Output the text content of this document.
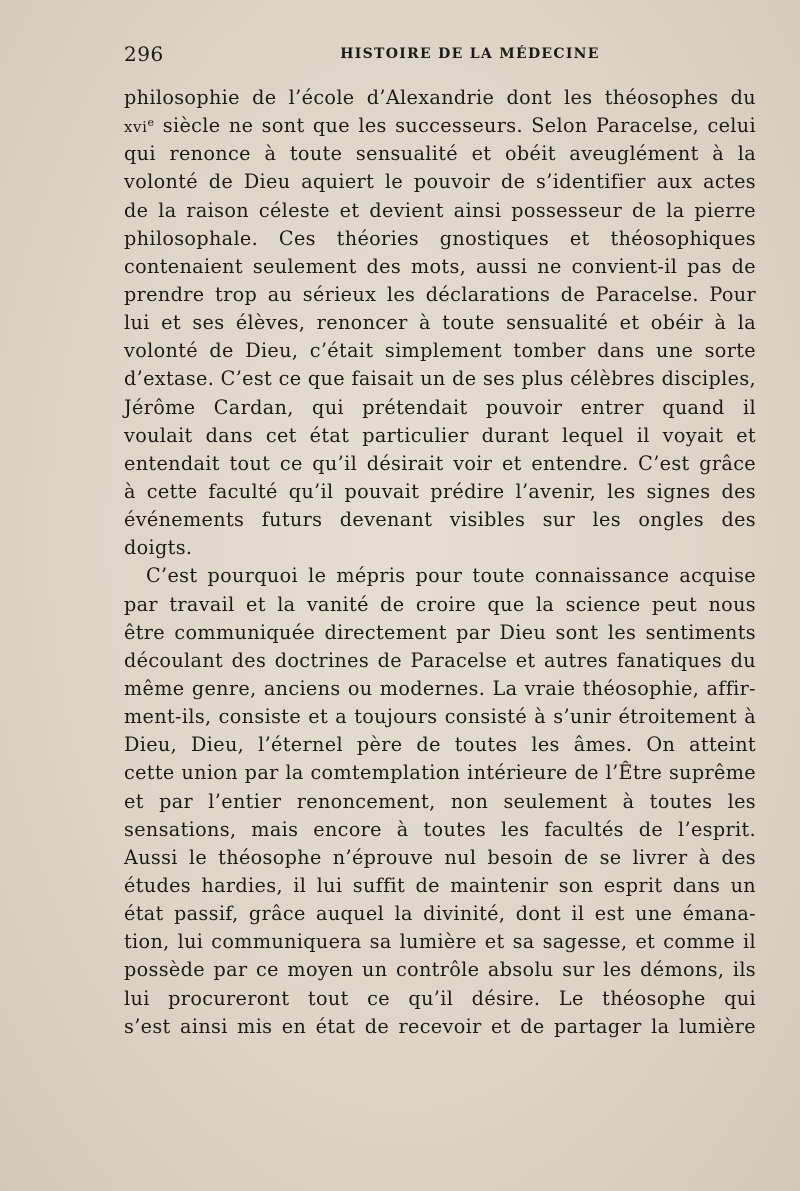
296	HISTOIRE DE LA MÉDECINE
philosophie de l’école d’Alexandrie dont les théosophes du
xvi$^e$ siècle ne sont que les successeurs. Selon Paracelse, celui
qui renonce à toute sensualité et obéit aveuglément à la
volonté de Dieu aquiert le pouvoir de s’identifier aux actes
de la raison céleste et devient ainsi possesseur de la pierre
philosophale. Ces théories gnostiques et théosophiques
contenaient seulement des mots, aussi ne convient-il pas de
prendre trop au sérieux les déclarations de Paracelse. Pour
lui et ses élèves, renoncer à toute sensualité et obéir à la
volonté de Dieu, c’était simplement tomber dans une sorte
d’extase. C’est ce que faisait un de ses plus célèbres disciples,
Jérôme Cardan, qui prétendait pouvoir entrer quand il
voulait dans cet état particulier durant lequel il voyait et
entendait tout ce qu’il désirait voir et entendre. C’est grâce
à cette faculté qu’il pouvait prédire l’avenir, les signes des
événements futurs devenant visibles sur les ongles des
doigts.
C’est pourquoi le mépris pour toute connaissance acquise
par travail et la vanité de croire que la science peut nous
être communiquée directement par Dieu sont les sentiments
découlant des doctrines de Paracelse et autres fanatiques du
même genre, anciens ou modernes. La vraie théosophie, affir-
ment-ils, consiste et a toujours consisté à s’unir étroitement à
Dieu, Dieu, l’éternel père de toutes les âmes. On atteint
cette union par la comtemplation intérieure de l’Être suprême
et par l’entier renoncement, non seulement à toutes les
sensations, mais encore à toutes les facultés de l’esprit.
Aussi le théosophe n’éprouve nul besoin de se livrer à des
études hardies, il lui suffit de maintenir son esprit dans un
état passif, grâce auquel la divinité, dont il est une émana-
tion, lui communiquera sa lumière et sa sagesse, et comme il
possède par ce moyen un contrôle absolu sur les démons, ils
lui procureront tout ce qu’il désire. Le théosophe qui
s’est ainsi mis en état de recevoir et de partager la lumière
